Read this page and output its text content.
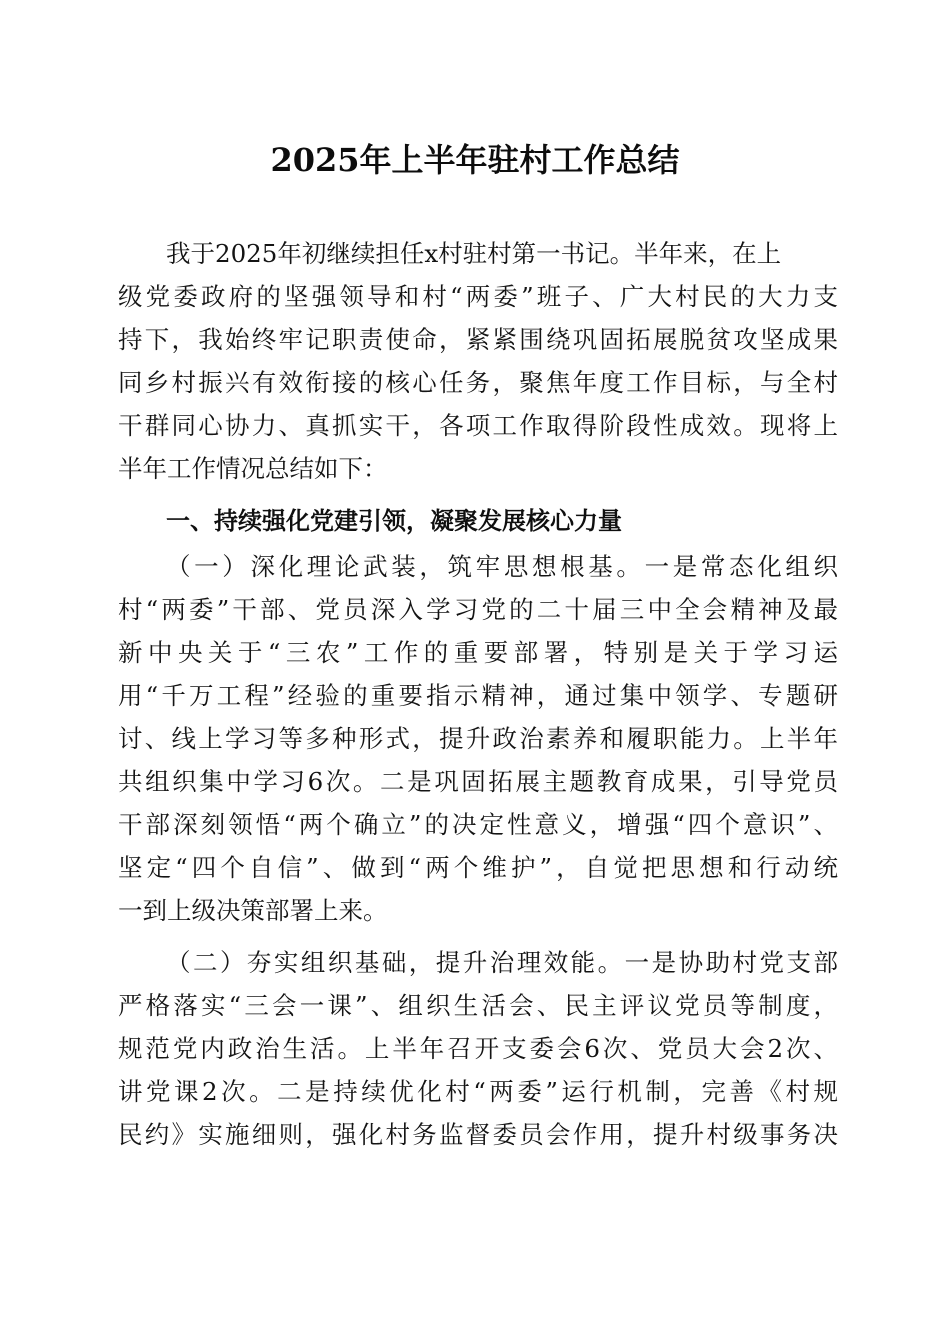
2025年上半年驻村工作总结
我于2025年初继续担任x村驻村第一书记。半年来，在上
级党委政府的坚强领导和村“两委”班子、广大村民的大力支
持下，我始终牢记职责使命，紧紧围绕巩固拓展脱贫攻坚成果
同乡村振兴有效衔接的核心任务，聚焦年度工作目标，与全村
干群同心协力、真抓实干，各项工作取得阶段性成效。现将上
半年工作情况总结如下：
一、持续强化党建引领，凝聚发展核心力量
（一）深化理论武装，筑牢思想根基。一是常态化组织
村“两委”干部、党员深入学习党的二十届三中全会精神及最
新中央关于“三农”工作的重要部署，特别是关于学习运
用“千万工程”经验的重要指示精神，通过集中领学、专题研
讨、线上学习等多种形式，提升政治素养和履职能力。上半年
共组织集中学习6次。二是巩固拓展主题教育成果，引导党员
干部深刻领悟“两个确立”的决定性意义，增强“四个意识”、
坚定“四个自信”、做到“两个维护”，自觉把思想和行动统
一到上级决策部署上来。
（二）夯实组织基础，提升治理效能。一是协助村党支部
严格落实“三会一课”、组织生活会、民主评议党员等制度，
规范党内政治生活。上半年召开支委会6次、党员大会2次、
讲党课2次。二是持续优化村“两委”运行机制，完善《村规
民约》实施细则，强化村务监督委员会作用，提升村级事务决
